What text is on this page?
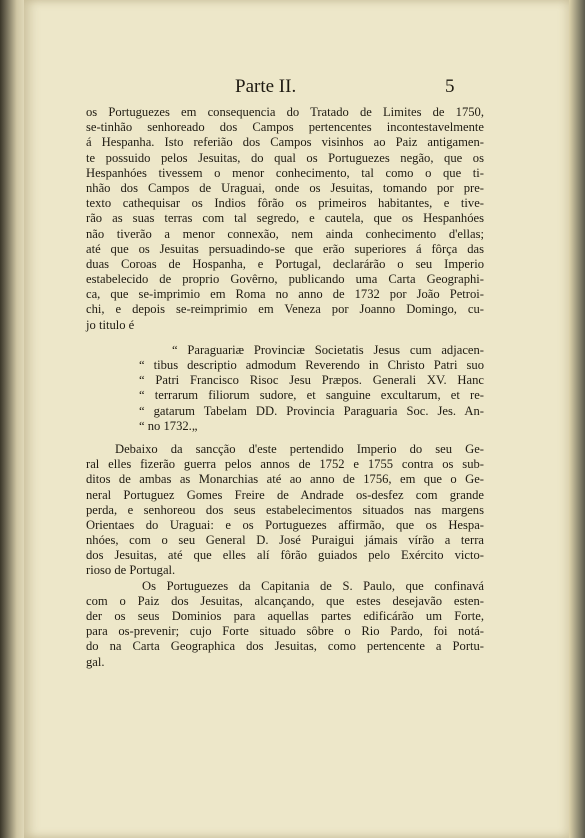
Parte II.	5
os Portuguezes em consequencia do Tratado de Limites de 1750,
se-tinhão senhoreado dos Campos pertencentes incontestavelmente
á Hespanha. Isto referião dos Campos visinhos ao Paiz antigamen-
te possuido pelos Jesuitas, do qual os Portuguezes negão, que os
Hespanhóes tivessem o menor conhecimento, tal como o que ti-
nhão dos Campos de Uraguai, onde os Jesuitas, tomando por pre-
texto cathequisar os Indios fôrão os primeiros habitantes, e tive-
rão as suas terras com tal segredo, e cautela, que os Hespanhóes
não tiverão a menor connexão, nem ainda conhecimento d'ellas;
até que os Jesuitas persuadindo-se que erão superiores á fôrça das
duas Coroas de Hospanha, e Portugal, declarárão o seu Imperio
estabelecido de proprio Govêrno, publicando uma Carta Geographi-
ca, que se-imprimio em Roma no anno de 1732 por João Petroi-
chi, e depois se-reimprimio em Veneza por Joanno Domingo, cu-
jo titulo é
“ Paraguariæ Provinciæ Societatis Jesus cum adjacen-
“ tibus descriptio admodum Reverendo in Christo Patri suo
“ Patri Francisco Risoc Jesu Præpos. Generali XV. Hanc
“ terrarum filiorum sudore, et sanguine excultarum, et re-
“ gatarum Tabelam DD. Provincia Paraguaria Soc. Jes. An-
“ no 1732.„
Debaixo da sancção d'este pertendido Imperio do seu Ge-
ral elles fizerão guerra pelos annos de 1752 e 1755 contra os sub-
ditos de ambas as Monarchias até ao anno de 1756, em que o Ge-
neral Portuguez Gomes Freire de Andrade os-desfez com grande
perda, e senhoreou dos seus estabelecimentos situados nas margens
Orientaes do Uraguai: e os Portuguezes affirmão, que os Hespa-
nhóes, com o seu General D. José Puraigui jámais vírão a terra
dos Jesuitas, até que elles alí fôrão guiados pelo Exército victo-
rioso de Portugal.
Os Portuguezes da Capitania de S. Paulo, que confinavá
com o Paiz dos Jesuitas, alcançando, que estes desejavão esten-
der os seus Dominios para aquellas partes edificárão um Forte,
para os-prevenir; cujo Forte situado sôbre o Rio Pardo, foi notá-
do na Carta Geographica dos Jesuitas, como pertencente a Portu-
gal.
